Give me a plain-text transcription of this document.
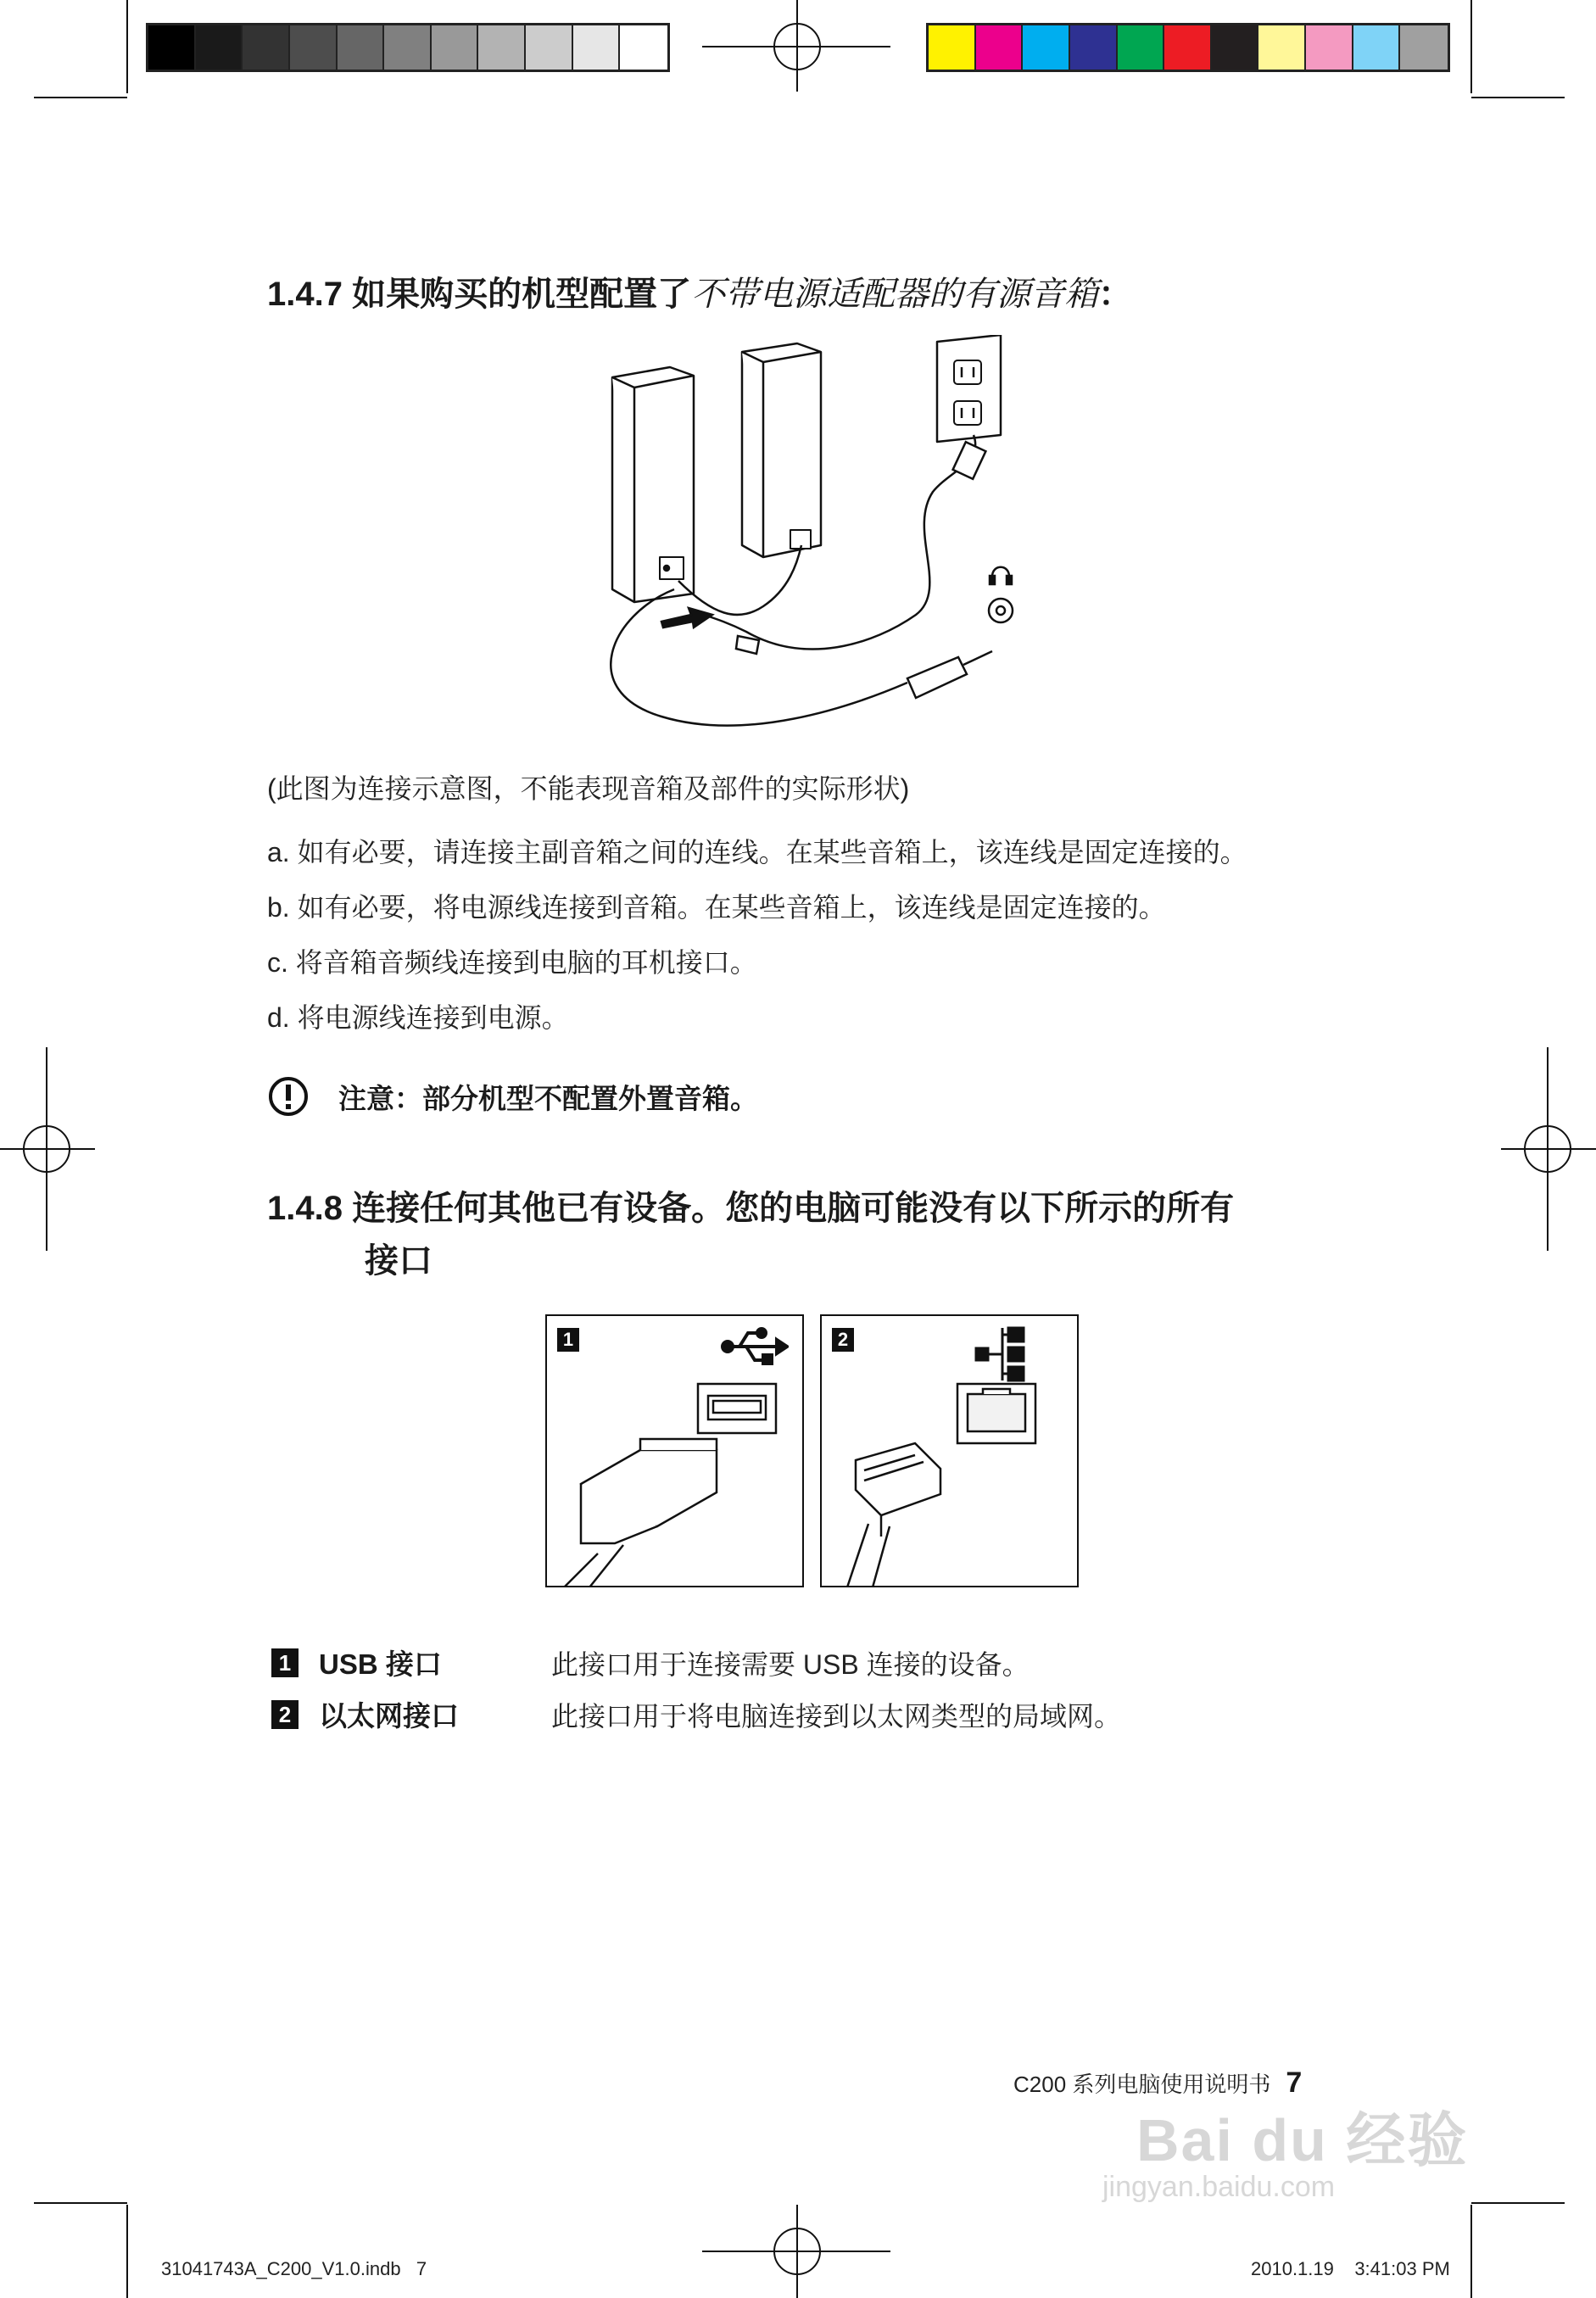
1.4.7 如果购买的机型配置了不带电源适配器的有源音箱：
(此图为连接示意图，不能表现音箱及部件的实际形状)
a. 如有必要，请连接主副音箱之间的连线。在某些音箱上，该连线是固定连接的。
b. 如有必要，将电源线连接到音箱。在某些音箱上，该连线是固定连接的。
c. 将音箱音频线连接到电脑的耳机接口。
d. 将电源线连接到电源。
注意：部分机型不配置外置音箱。
1.4.8 连接任何其他已有设备。您的电脑可能没有以下所示的所有
接口
1	2
1 USB 接口	此接口用于连接需要 USB 连接的设备。
2 以太网接口	此接口用于将电脑连接到以太网类型的局域网。
C200 系列电脑使用说明书 7
Bai du 经验
jingyan.baidu.com
31041743A_C200_V1.0.indb   7	2010.1.19    3:41:03 PM
